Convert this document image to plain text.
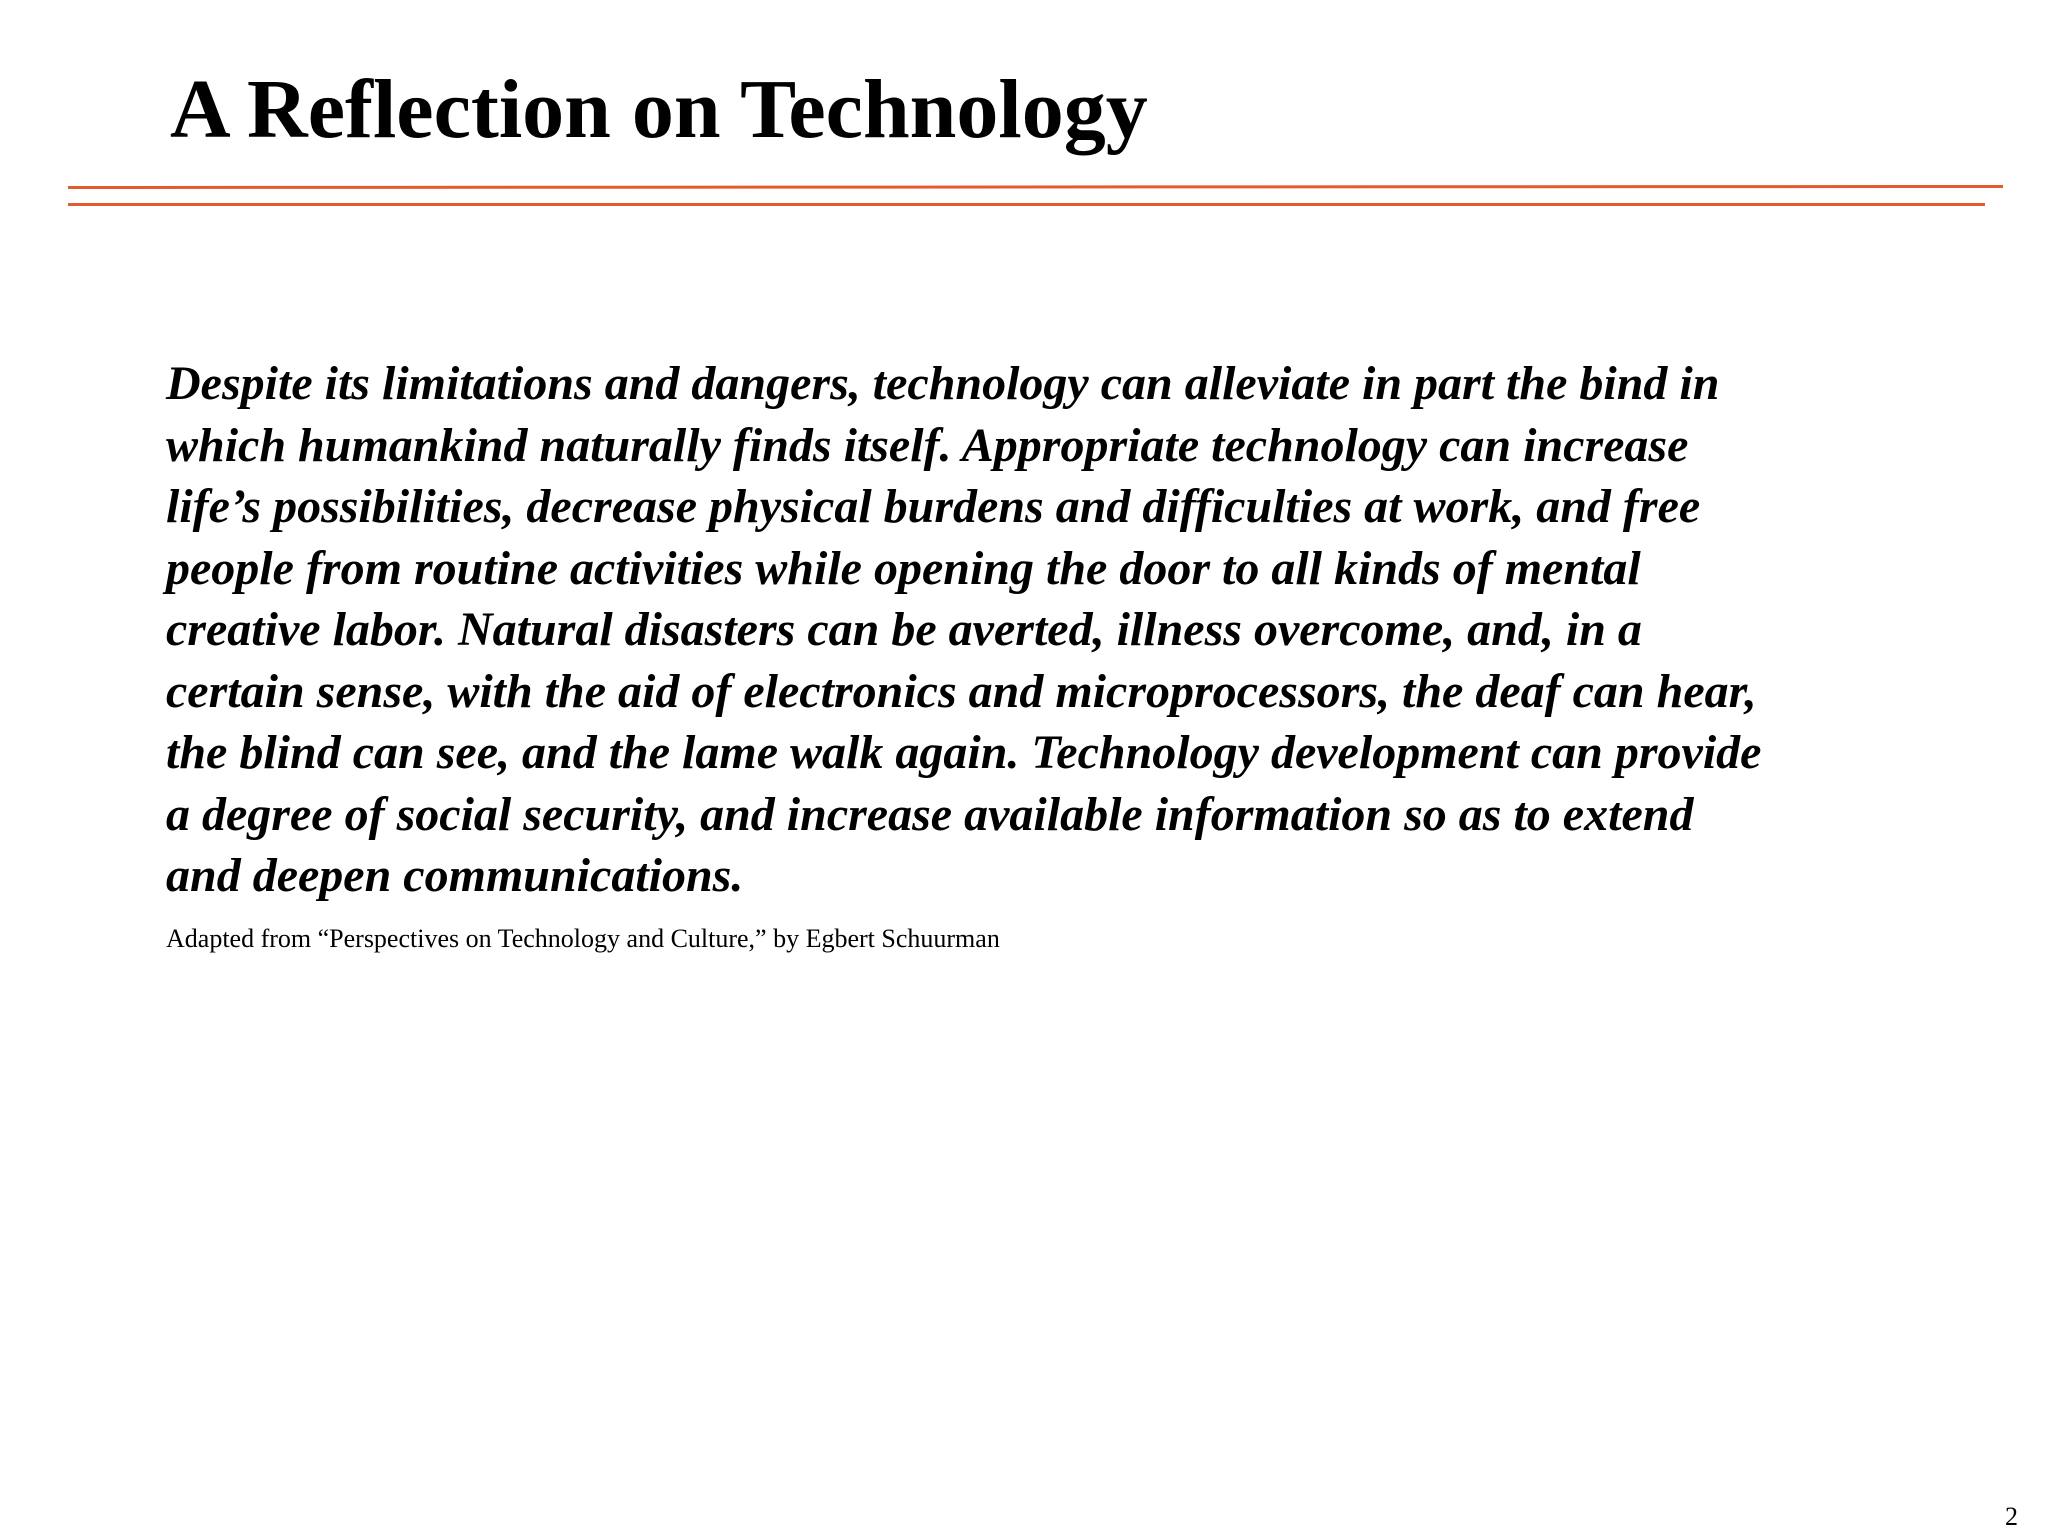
A Reflection on Technology

Despite its limitations and dangers, technology can alleviate in part the bind in
which humankind naturally finds itself. Appropriate technology can increase
life’s possibilities, decrease physical burdens and difficulties at work, and free
people from routine activities while opening the door to all kinds of mental
creative labor. Natural disasters can be averted, illness overcome, and, in a
certain sense, with the aid of electronics and microprocessors, the deaf can hear,
the blind can see, and the lame walk again. Technology development can provide
a degree of social security, and increase available information so as to extend
and deepen communications.

Adapted from “Perspectives on Technology and Culture,” by Egbert Schuurman

2
